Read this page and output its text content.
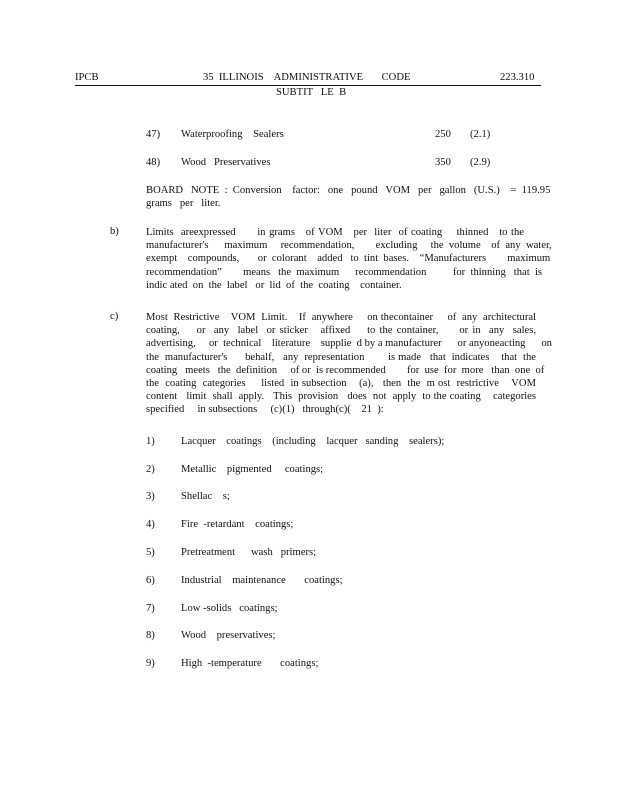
IPCB	35  ILLINOIS    ADMINISTRATIVE       CODE	223.310
SUBTIT   LE  B
47) Waterproofing    Sealers	250 (2.1)
48) Wood   Preservatives	350 (2.9)
BOARD   NOTE  :  Conversion    factor:   one   pound   VOM   per   gallon   (U.S.)    =  119.95
grams   per   liter.
b)	Limits  areexpressed      in grams   of VOM   per  liter  of coating    thinned   to the
manufacturer's      maximum     recommendation,        excluding     the  volume    of  any  water,
exempt    compounds,       or  colorant    added   to  tint  bases.    “Manufacturers        maximum
recommendation”        means   the  maximum      recommendation          for  thinning   that  is
indic ated  on  the  label   or  lid  of  the  coating    container.
c)	Most  Restrictive    VOM  Limit.    If  anywhere     on thecontainer     of  any  architectural
coating,    or  any  label  or sticker   affixed    to the container,     or in  any  sales,
advertising,     or  technical    literature    supplie  d by a manufacturer      or anyoneacting      on
the  manufacturer's      behalf,   any  representation        is made   that  indicates    that  the
coating   meets   the  definition     of or  is recommended        for  use  for  more   than  one  of
the  coating  categories     listed  in subsection    (a),   then  the  m ost  restrictive    VOM
content   limit  shall  apply.   This  provision   does  not  apply  to the coating    categories
specified     in subsections     (c)(1)   through(c)(    21  ):
1) Lacquer    coatings    (including    lacquer   sanding    sealers);
2) Metallic    pigmented     coatings;
3) Shellac    s;
4) Fire  -retardant    coatings;
5) Pretreatment      wash   primers;
6) Industrial    maintenance       coatings;
7) Low -solids   coatings;
8) Wood    preservatives;
9) High  -temperature       coatings;
